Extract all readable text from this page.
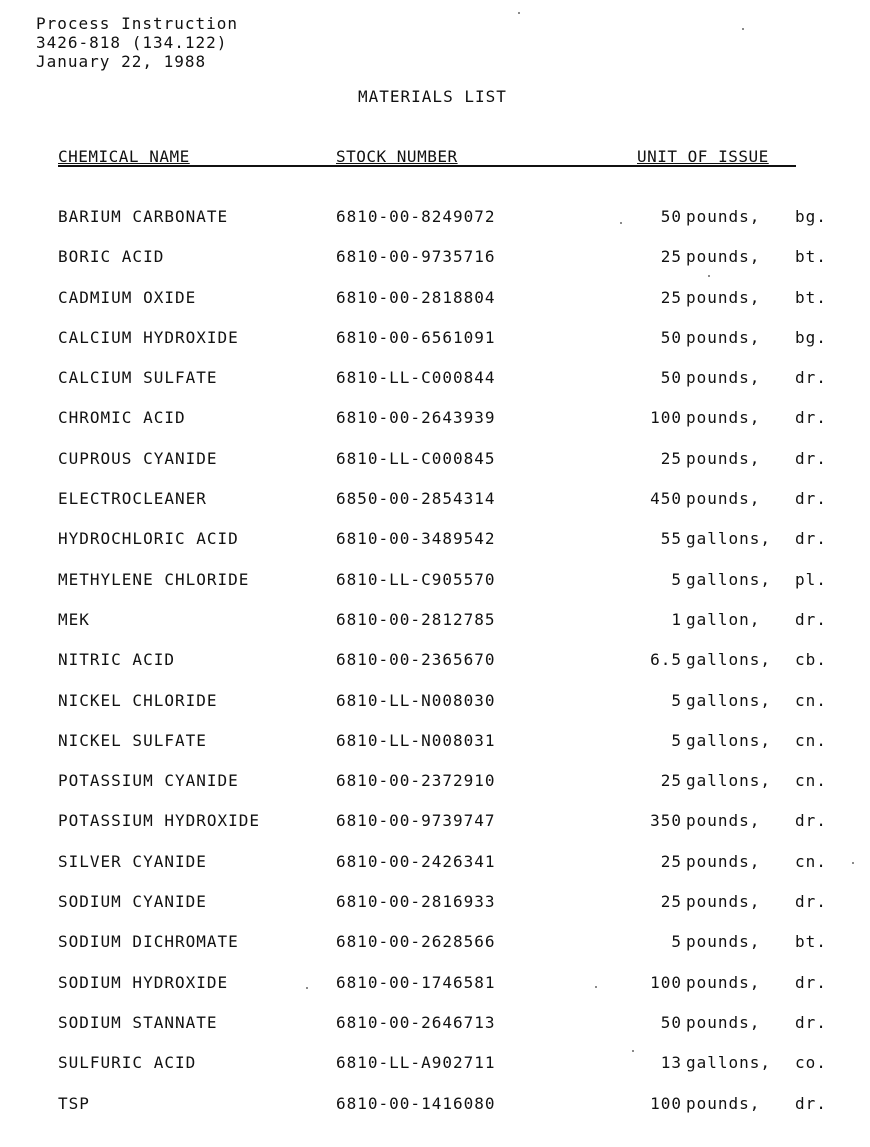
Process Instruction
3426-818 (134.122)
January 22, 1988
MATERIALS LIST
CHEMICAL NAME	STOCK NUMBER	UNIT OF ISSUE
BARIUM CARBONATE	6810-00-8249072	50 pounds, bg.
BORIC ACID	6810-00-9735716	25 pounds, bt.
CADMIUM OXIDE	6810-00-2818804	25 pounds, bt.
CALCIUM HYDROXIDE	6810-00-6561091	50 pounds, bg.
CALCIUM SULFATE	6810-LL-C000844	50 pounds, dr.
CHROMIC ACID	6810-00-2643939	100 pounds, dr.
CUPROUS CYANIDE	6810-LL-C000845	25 pounds, dr.
ELECTROCLEANER	6850-00-2854314	450 pounds, dr.
HYDROCHLORIC ACID	6810-00-3489542	55 gallons, dr.
METHYLENE CHLORIDE	6810-LL-C905570	5 gallons, pl.
MEK	6810-00-2812785	1 gallon, dr.
NITRIC ACID	6810-00-2365670	6.5 gallons, cb.
NICKEL CHLORIDE	6810-LL-N008030	5 gallons, cn.
NICKEL SULFATE	6810-LL-N008031	5 gallons, cn.
POTASSIUM CYANIDE	6810-00-2372910	25 gallons, cn.
POTASSIUM HYDROXIDE	6810-00-9739747	350 pounds, dr.
SILVER CYANIDE	6810-00-2426341	25 pounds, cn.
SODIUM CYANIDE	6810-00-2816933	25 pounds, dr.
SODIUM DICHROMATE	6810-00-2628566	5 pounds, bt.
SODIUM HYDROXIDE	6810-00-1746581	100 pounds, dr.
SODIUM STANNATE	6810-00-2646713	50 pounds, dr.
SULFURIC ACID	6810-LL-A902711	13 gallons, co.
TSP	6810-00-1416080	100 pounds, dr.
